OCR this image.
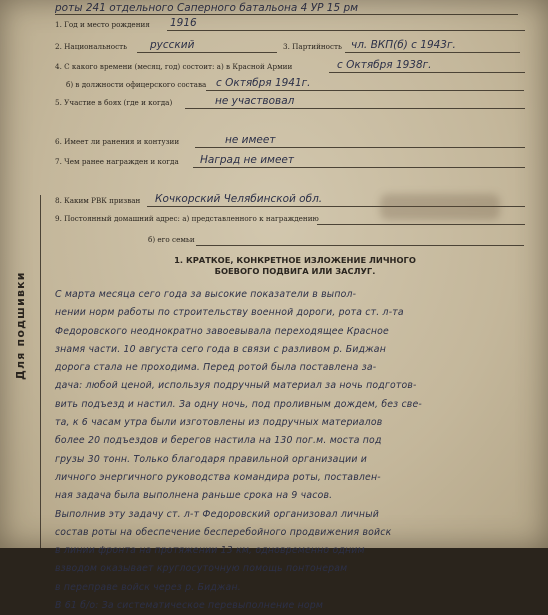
роты 241 отдельного Саперного батальона 4 УР 15 рм
1. Год и место рождения 1916
2. Национальность русский	3. Партийность чл. ВКП(б) с 1943г.
4. С какого времени (месяц, год) состоит: а) в Красной Армии	с Октября 1938г.
б) в должности офицерского состава с Октября 1941г.
5. Участие в боях (где и когда)	не участвовал
6. Имеет ли ранения и контузии	не имеет
7. Чем ранее награжден и когда Наград не имеет
8. Каким РВК призван Кочкорский Челябинской обл.
9. Постоянный домашний адрес: а) представленного к награждению
б) его семьи
Для подшивки
1. КРАТКОЕ, КОНКРЕТНОЕ ИЗЛОЖЕНИЕ ЛИЧНОГО БОЕВОГО ПОДВИГА ИЛИ ЗАСЛУГ.
С марта месяца сего года за высокие показатели в выпол-
нении норм работы по строительству военной дороги, рота ст. л-та
Федоровского неоднократно завоевывала переходящее Красное
знамя части. 10 августа сего года в связи с разливом р. Биджан
дорога стала не проходима. Перед ротой была поставлена за-
дача: любой ценой, используя подручный материал за ночь подготов-
вить подъезд и настил. За одну ночь, под проливным дождем, без све-
та, к 6 часам утра были изготовлены из подручных материалов
более 20 подъездов и берегов настила на 130 пог.м. моста под
грузы 30 тонн. Только благодаря правильной организации и
личного энергичного руководства командира роты, поставлен-
ная задача была выполнена раньше срока на 9 часов.
Выполнив эту задачу ст. л-т Федоровский организовал личный
состав роты на обеспечение бесперебойного продвижения войск
в линии фронта на протяжении 13 км, одновременно одним
взводом оказывает круглосуточную помощь понтонерам
в переправе войск через р. Биджан.
В 61 б/о: За систематическое перевыполнение норм
